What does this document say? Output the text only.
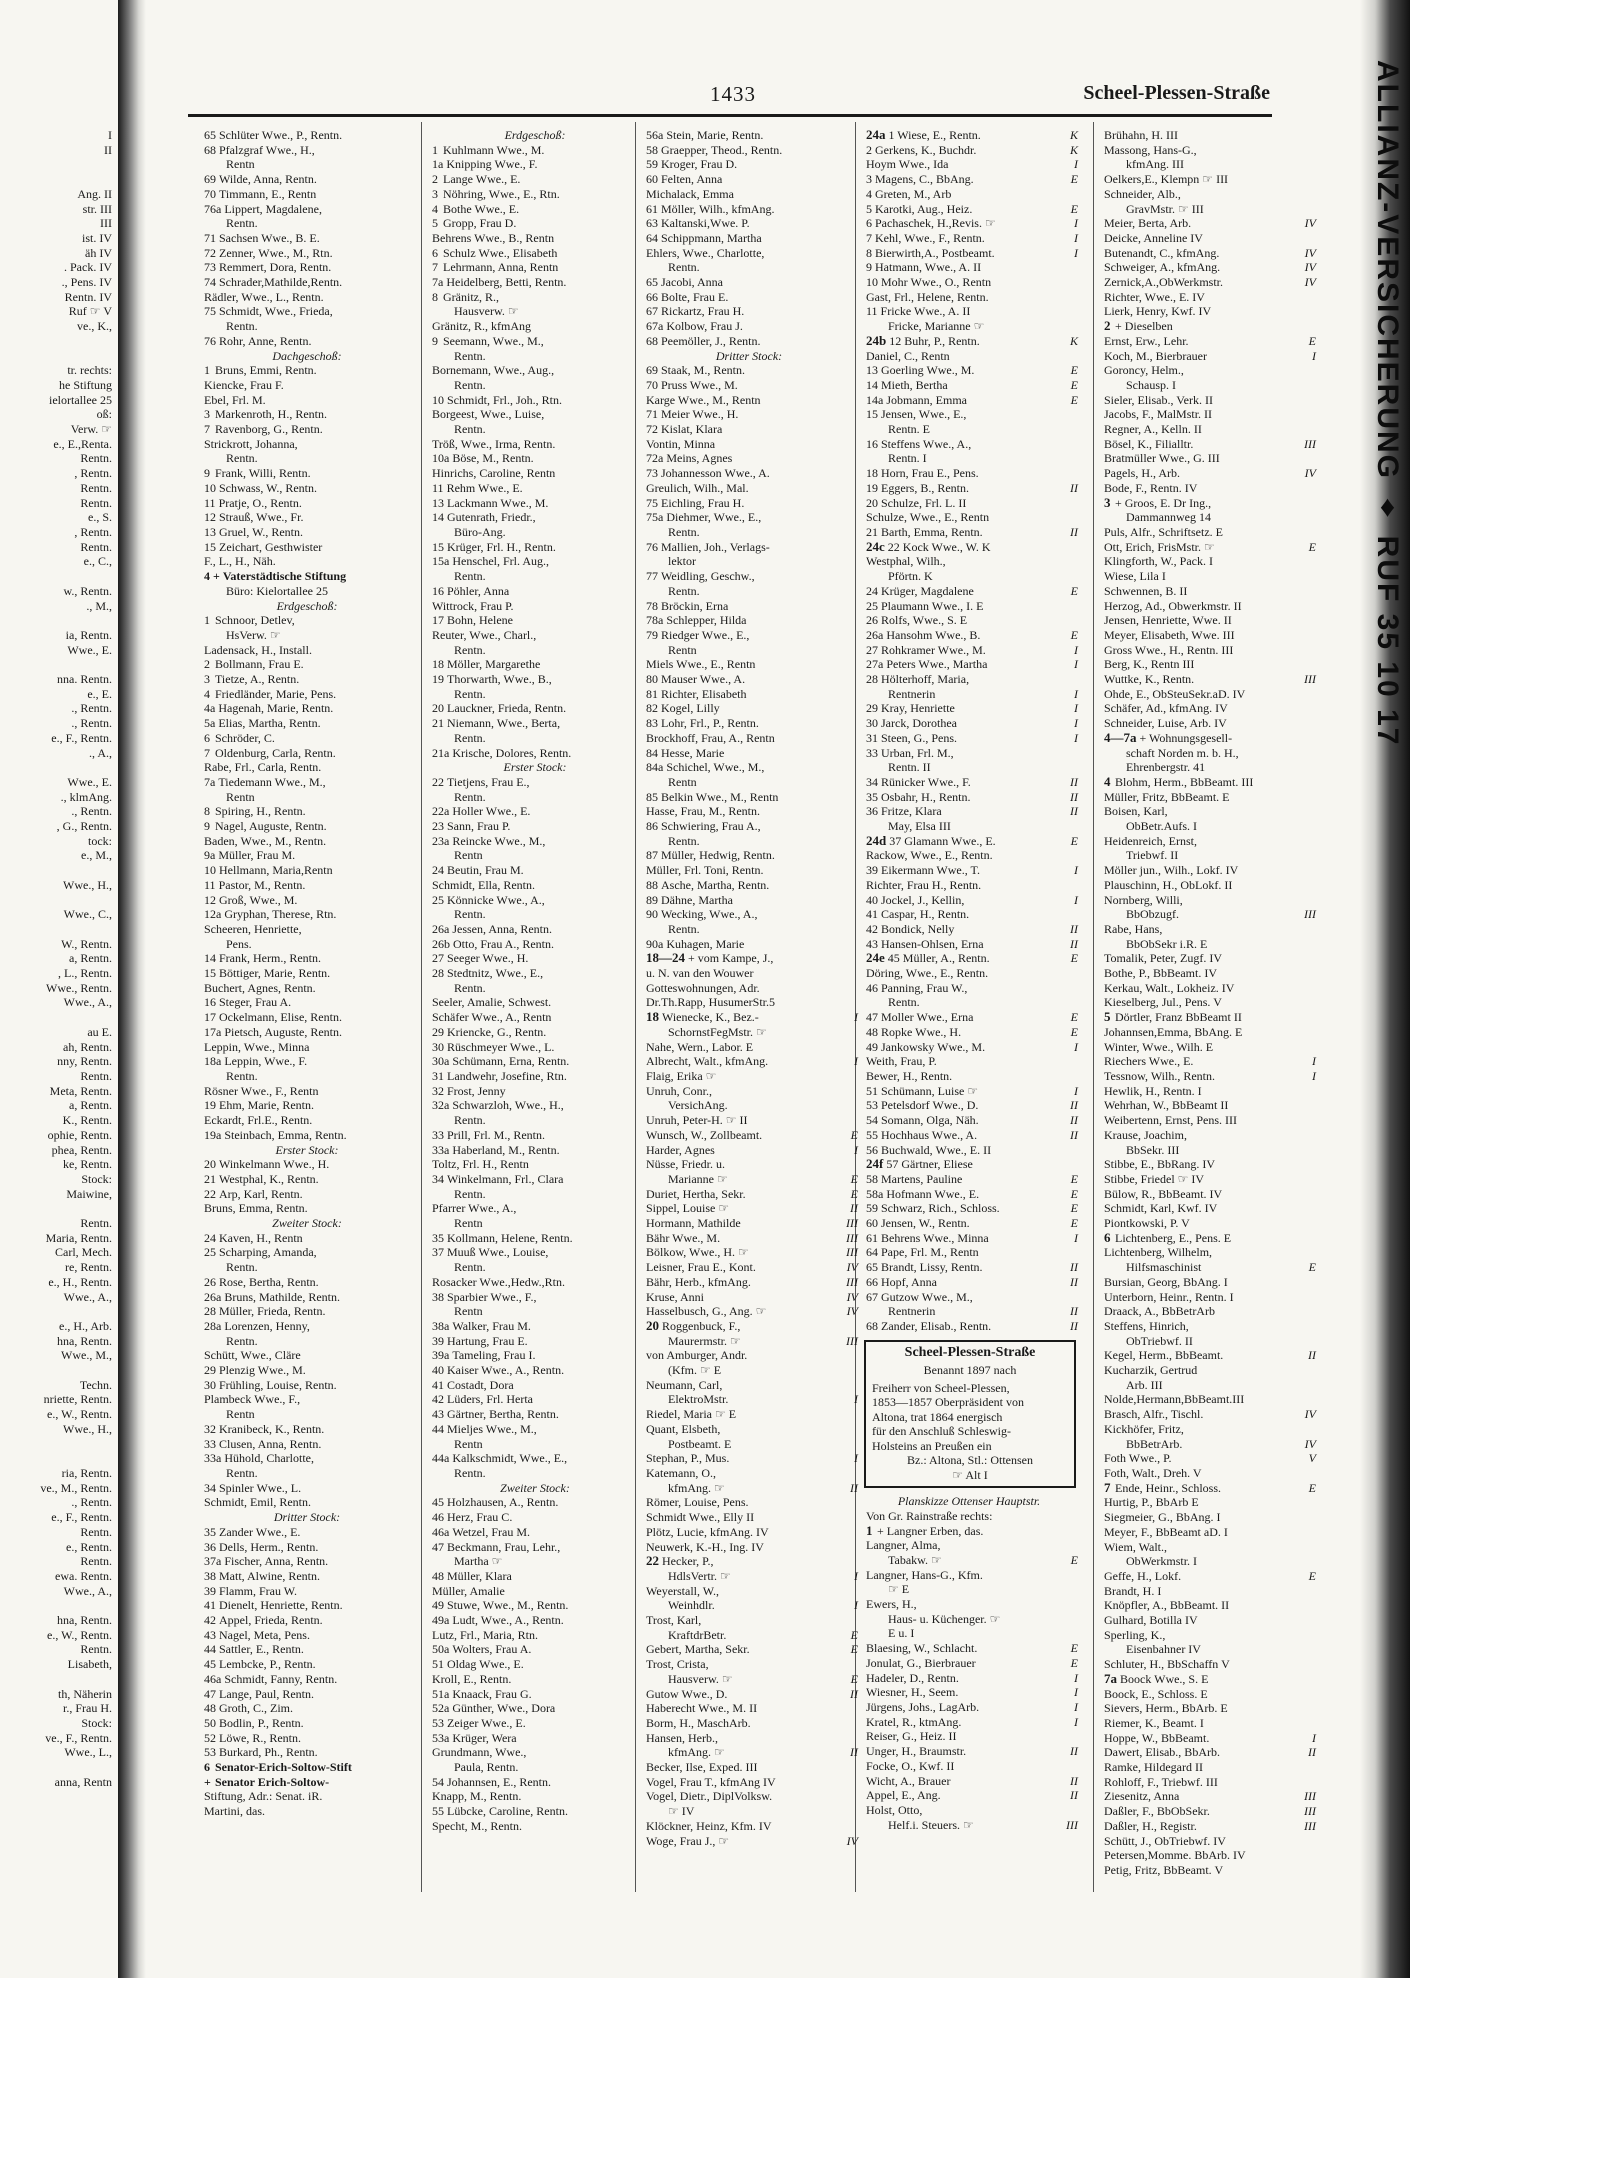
I
II

Ang. II
str. III
III
ist. IV
äh IV
. Pack. IV
., Pens. IV
Rentn. IV
Ruf ☞ V
ve., K.,

tr. rechts:
he Stiftung
ielortallee 25
oß:
Verw. ☞
e., E.,Renta.
Rentn.
, Rentn.
Rentn.
Rentn.
e., S.
, Rentn.
Rentn.
e., C.,

w., Rentn.
., M.,

ia, Rentn.
Wwe., E.

nna. Rentn.
e., E.
., Rentn.
., Rentn.
e., F., Rentn.
., A.,

Wwe., E.
., klmAng.
., Rentn.
, G., Rentn.
tock:
e., M.,

Wwe., H.,

Wwe., C.,

W., Rentn.
a, Rentn.
, L., Rentn.
Wwe., Rentn.
Wwe., A.,

au E.
ah, Rentn.
nny, Rentn.
Rentn.
Meta, Rentn.
a, Rentn.
K., Rentn.
ophie, Rentn.
phea, Rentn.
ke, Rentn.
Stock:
Maiwine,

Rentn.
Maria, Rentn.
Carl, Mech.
re, Rentn.
e., H., Rentn.
Wwe., A.,

e., H., Arb.
hna, Rentn.
Wwe., M.,

Techn.
nriette, Rentn.
e., W., Rentn.
Wwe., H.,

ria, Rentn.
ve., M., Rentn.
., Rentn.
e., F., Rentn.
Rentn.
e., Rentn.
Rentn.
ewa. Rentn.
Wwe., A.,

hna, Rentn.
e., W., Rentn.
Rentn.
Lisabeth,

th, Näherin
r., Frau H.
Stock:
ve., F., Rentn.
Wwe., L.,

anna, Rentn
1433	Scheel-Plessen-Straße
65 Schlüter Wwe., P., Rentn.
68 Pfalzgraf Wwe., H.,
Rentn
69 Wilde, Anna, Rentn.
70 Timmann, E., Rentn
76a Lippert, Magdalene,
Rentn.
71 Sachsen Wwe., B. E.
72 Zenner, Wwe., M., Rtn.
73 Remmert, Dora, Rentn.
74 Schrader,Mathilde,Rentn.
Rädler, Wwe., L., Rentn.
75 Schmidt, Wwe., Frieda,
Rentn.
76 Rohr, Anne, Rentn.
Dachgeschoß:
1 Bruns, Emmi, Rentn.
Kiencke, Frau F.
Ebel, Frl. M.
3 Markenroth, H., Rentn.
7 Ravenborg, G., Rentn.
Strickrott, Johanna,
Rentn.
9 Frank, Willi, Rentn.
10 Schwass, W., Rentn.
11 Pratje, O., Rentn.
12 Strauß, Wwe., Fr.
13 Gruel, W., Rentn.
15 Zeichart, Gesthwister
F., L., H., Näh.
4 + Vaterstädtische Stiftung
Büro: Kielortallee 25
Erdgeschoß:
1 Schnoor, Detlev,
HsVerw. ☞
Ladensack, H., Install.
2 Bollmann, Frau E.
3 Tietze, A., Rentn.
4 Friedländer, Marie, Pens.
4a Hagenah, Marie, Rentn.
5a Elias, Martha, Rentn.
6 Schröder, C.
7 Oldenburg, Carla, Rentn.
Rabe, Frl., Carla, Rentn.
7a Tiedemann Wwe., M.,
Rentn
8 Spiring, H., Rentn.
9 Nagel, Auguste, Rentn.
Baden, Wwe., M., Rentn.
9a Müller, Frau M.
10 Hellmann, Maria,Rentn
11 Pastor, M., Rentn.
12 Groß, Wwe., M.
12a Gryphan, Therese, Rtn.
Scheeren, Henriette,
Pens.
14 Frank, Herm., Rentn.
15 Böttiger, Marie, Rentn.
Buchert, Agnes, Rentn.
16 Steger, Frau A.
17 Ockelmann, Elise, Rentn.
17a Pietsch, Auguste, Rentn.
Leppin, Wwe., Minna
18a Leppin, Wwe., F.
Rentn.
Rösner Wwe., F., Rentn
19 Ehm, Marie, Rentn.
Eckardt, Frl.E., Rentn.
19a Steinbach, Emma, Rentn.
Erster Stock:
20 Winkelmann Wwe., H.
21 Westphal, K., Rentn.
22 Arp, Karl, Rentn.
Bruns, Emma, Rentn.
Zweiter Stock:
24 Kaven, H., Rentn
25 Scharping, Amanda,
Rentn.
26 Rose, Bertha, Rentn.
26a Bruns, Mathilde, Rentn.
28 Müller, Frieda, Rentn.
28a Lorenzen, Henny,
Rentn.
Schütt, Wwe., Cläre
29 Plenzig Wwe., M.
30 Frühling, Louise, Rentn.
Plambeck Wwe., F.,
Rentn
32 Kranibeck, K., Rentn.
33 Clusen, Anna, Rentn.
33a Hühold, Charlotte,
Rentn.
34 Spinler Wwe., L.
Schmidt, Emil, Rentn.
Dritter Stock:
35 Zander Wwe., E.
36 Dells, Herm., Rentn.
37a Fischer, Anna, Rentn.
38 Matt, Alwine, Rentn.
39 Flamm, Frau W.
41 Dienelt, Henriette, Rentn.
42 Appel, Frieda, Rentn.
43 Nagel, Meta, Pens.
44 Sattler, E., Rentn.
45 Lembcke, P., Rentn.
46a Schmidt, Fanny, Rentn.
47 Lange, Paul, Rentn.
48 Groth, C., Zim.
50 Bodlin, P., Rentn.
52 Löwe, R., Rentn.
53 Burkard, Ph., Rentn.
6 Senator-Erich-Soltow-Stift
+ Senator Erich-Soltow-
Stiftung, Adr.: Senat. iR.
Martini, das.
Erdgeschoß:
1 Kuhlmann Wwe., M.
1a Knipping Wwe., F.
2 Lange Wwe., E.
3 Nöhring, Wwe., E., Rtn.
4 Bothe Wwe., E.
5 Gropp, Frau D.
Behrens Wwe., B., Rentn
6 Schulz Wwe., Elisabeth
7 Lehrmann, Anna, Rentn
7a Heidelberg, Betti, Rentn.
8 Gränitz, R.,
Hausverw. ☞
Gränitz, R., kfmAng
9 Seemann, Wwe., M.,
Rentn.
Bornemann, Wwe., Aug.,
Rentn.
10 Schmidt, Frl., Joh., Rtn.
Borgeest, Wwe., Luise,
Rentn.
Tröß, Wwe., Irma, Rentn.
10a Böse, M., Rentn.
Hinrichs, Caroline, Rentn
11 Rehm Wwe., E.
13 Lackmann Wwe., M.
14 Gutenrath, Friedr.,
Büro-Ang.
15 Krüger, Frl. H., Rentn.
15a Henschel, Frl. Aug.,
Rentn.
16 Pöhler, Anna
Wittrock, Frau P.
17 Bohn, Helene
Reuter, Wwe., Charl.,
Rentn.
18 Möller, Margarethe
19 Thorwarth, Wwe., B.,
Rentn.
20 Lauckner, Frieda, Rentn.
21 Niemann, Wwe., Berta,
Rentn.
21a Krische, Dolores, Rentn.
Erster Stock:
22 Tietjens, Frau E.,
Rentn.
22a Holler Wwe., E.
23 Sann, Frau P.
23a Reincke Wwe., M.,
Rentn
24 Beutin, Frau M.
Schmidt, Ella, Rentn.
25 Könnicke Wwe., A.,
Rentn.
26a Jessen, Anna, Rentn.
26b Otto, Frau A., Rentn.
27 Seeger Wwe., H.
28 Stedtnitz, Wwe., E.,
Rentn.
Seeler, Amalie, Schwest.
Schäfer Wwe., A., Rentn
29 Kriencke, G., Rentn.
30 Rüschmeyer Wwe., L.
30a Schümann, Erna, Rentn.
31 Landwehr, Josefine, Rtn.
32 Frost, Jenny
32a Schwarzloh, Wwe., H.,
Rentn.
33 Prill, Frl. M., Rentn.
33a Haberland, M., Rentn.
Toltz, Frl. H., Rentn
34 Winkelmann, Frl., Clara
Rentn.
Pfarrer Wwe., A.,
Rentn
35 Kollmann, Helene, Rentn.
37 Muuß Wwe., Louise,
Rentn.
Rosacker Wwe.,Hedw.,Rtn.
38 Sparbier Wwe., F.,
Rentn
38a Walker, Frau M.
39 Hartung, Frau E.
39a Tameling, Frau I.
40 Kaiser Wwe., A., Rentn.
41 Costadt, Dora
42 Lüders, Frl. Herta
43 Gärtner, Bertha, Rentn.
44 Mieljes Wwe., M.,
Rentn
44a Kalkschmidt, Wwe., E.,
Rentn.
Zweiter Stock:
45 Holzhausen, A., Rentn.
46 Herz, Frau C.
46a Wetzel, Frau M.
47 Beckmann, Frau, Lehr.,
Martha ☞
48 Müller, Klara
Müller, Amalie
49 Stuwe, Wwe., M., Rentn.
49a Ludt, Wwe., A., Rentn.
Lutz, Frl., Maria, Rtn.
50a Wolters, Frau A.
51 Oldag Wwe., E.
Kroll, E., Rentn.
51a Knaack, Frau G.
52a Günther, Wwe., Dora
53 Zeiger Wwe., E.
53a Krüger, Wera
Grundmann, Wwe.,
Paula, Rentn.
54 Johannsen, E., Rentn.
Knapp, M., Rentn.
55 Lübcke, Caroline, Rentn.
Specht, M., Rentn.
56a Stein, Marie, Rentn.
58 Graepper, Theod., Rentn.
59 Kroger, Frau D.
60 Felten, Anna
Michalack, Emma
61 Möller, Wilh., kfmAng.
63 Kaltanski,Wwe. P.
64 Schippmann, Martha
Ehlers, Wwe., Charlotte,
Rentn.
65 Jacobi, Anna
66 Bolte, Frau E.
67 Rickartz, Frau H.
67a Kolbow, Frau J.
68 Peemöller, J., Rentn.
Dritter Stock:
69 Staak, M., Rentn.
70 Pruss Wwe., M.
Karge Wwe., M., Rentn
71 Meier Wwe., H.
72 Kislat, Klara
Vontin, Minna
72a Meins, Agnes
73 Johannesson Wwe., A.
Greulich, Wilh., Mal.
75 Eichling, Frau H.
75a Diehmer, Wwe., E.,
Rentn.
76 Mallien, Joh., Verlags-
lektor
77 Weidling, Geschw.,
Rentn.
78 Bröckin, Erna
78a Schlepper, Hilda
79 Riedger Wwe., E.,
Rentn
Miels Wwe., E., Rentn
80 Mauser Wwe., A.
81 Richter, Elisabeth
82 Kogel, Lilly
83 Lohr, Frl., P., Rentn.
Brockhoff, Frau, A., Rentn
84 Hesse, Marie
84a Schichel, Wwe., M.,
Rentn
85 Belkin Wwe., M., Rentn
Hasse, Frau, M., Rentn.
86 Schwiering, Frau A.,
Rentn.
87 Müller, Hedwig, Rentn.
Müller, Frl. Toni, Rentn.
88 Asche, Martha, Rentn.
89 Dähne, Martha
90 Wecking, Wwe., A.,
Rentn.
90a Kuhagen, Marie
18—24 + vom Kampe, J.,
u. N. van den Wouwer
Gotteswohnungen, Adr.
Dr.Th.Rapp, HusumerStr.5
18 Wienecke, K., Bez.-	I
SchornstFegMstr. ☞
Nahe, Wern., Labor. E
Albrecht, Walt., kfmAng.	I
Flaig, Erika ☞
Unruh, Conr.,
VersichAng.
Unruh, Peter-H. ☞ II
Wunsch, W., Zollbeamt.	E
Harder, Agnes	I
Nüsse, Friedr. u.
Marianne ☞	E
Duriet, Hertha, Sekr.	E
Sippel, Louise ☞	II
Hormann, Mathilde	III
Bähr Wwe., M.	III
Bölkow, Wwe., H. ☞	III
Leisner, Frau E., Kont.	IV
Bähr, Herb., kfmAng.	III
Kruse, Anni	IV
Hasselbusch, G., Ang. ☞	IV
20 Roggenbuck, F.,
Maurermstr. ☞	III
von Amburger, Andr.
(Kfm. ☞ E
Neumann, Carl,
ElektroMstr.	I
Riedel, Maria ☞ E
Quant, Elsbeth,
Postbeamt. E
Stephan, P., Mus.	I
Katemann, O.,
kfmAng. ☞	II
Römer, Louise, Pens.
Schmidt Wwe., Elly II
Plötz, Lucie, kfmAng. IV
Neuwerk, K.-H., Ing. IV
22 Hecker, P.,
HdlsVertr. ☞	I
Weyerstall, W.,
Weinhdlr.	I
Trost, Karl,
KraftdrBetr.	E
Gebert, Martha, Sekr.	E
Trost, Crista,
Hausverw. ☞	E
Gutow Wwe., D.	II
Haberecht Wwe., M. II
Borm, H., MaschArb.
Hansen, Herb.,
kfmAng. ☞	II
Becker, Ilse, Exped. III
Vogel, Frau T., kfmAng IV
Vogel, Dietr., DiplVolksw.
☞ IV
Klöckner, Heinz, Kfm. IV
Woge, Frau J., ☞	IV
24a 1 Wiese, E., Rentn.	K
2 Gerkens, K., Buchdr.	K
Hoym Wwe., Ida	I
3 Magens, C., BbAng.	E
4 Greten, M., Arb
5 Karotki, Aug., Heiz.	E
6 Pachaschek, H.,Revis. ☞	I
7 Kehl, Wwe., F., Rentn.	I
8 Bierwirth,A., Postbeamt.	I
9 Hatmann, Wwe., A. II
10 Mohr Wwe., O., Rentn
Gast, Frl., Helene, Rentn.
11 Fricke Wwe., A. II
Fricke, Marianne ☞
24b 12 Buhr, P., Rentn.	K
Daniel, C., Rentn
13 Goerling Wwe., M.	E
14 Mieth, Bertha	E
14a Jobmann, Emma	E
15 Jensen, Wwe., E.,
Rentn. E
16 Steffens Wwe., A.,
Rentn. I
18 Horn, Frau E., Pens.
19 Eggers, B., Rentn.	II
20 Schulze, Frl. L. II
Schulze, Wwe., E., Rentn
21 Barth, Emma, Rentn.	II
24c 22 Kock Wwe., W. K
Westphal, Wilh.,
Pförtn. K
24 Krüger, Magdalene	E
25 Plaumann Wwe., I. E
26 Rolfs, Wwe., S. E
26a Hansohm Wwe., B.	E
27 Rohkramer Wwe., M.	I
27a Peters Wwe., Martha	I
28 Hölterhoff, Maria,
Rentnerin	I
29 Kray, Henriette	I
30 Jarck, Dorothea	I
31 Steen, G., Pens.	I
33 Urban, Frl. M.,
Rentn. II
34 Rünicker Wwe., F.	II
35 Osbahr, H., Rentn.	II
36 Fritze, Klara	II
May, Elsa III
24d 37 Glamann Wwe., E.	E
Rackow, Wwe., E., Rentn.
39 Eikermann Wwe., T.	I
Richter, Frau H., Rentn.
40 Jockel, J., Kellin,	I
41 Caspar, H., Rentn.
42 Bondick, Nelly	II
43 Hansen-Ohlsen, Erna	II
24e 45 Müller, A., Rentn.	E
Döring, Wwe., E., Rentn.
46 Panning, Frau W.,
Rentn.
47 Moller Wwe., Erna	E
48 Ropke Wwe., H.	E
49 Jankowsky Wwe., M.	I
Weith, Frau, P.
Bewer, H., Rentn.
51 Schümann, Luise ☞	I
53 Petelsdorf Wwe., D.	II
54 Somann, Olga, Näh.	II
55 Hochhaus Wwe., A.	II
56 Buchwald, Wwe., E. II
24f 57 Gärtner, Eliese
58 Martens, Pauline	E
58a Hofmann Wwe., E.	E
59 Schwarz, Rich., Schloss.	E
60 Jensen, W., Rentn.	E
61 Behrens Wwe., Minna	I
64 Pape, Frl. M., Rentn
65 Brandt, Lissy, Rentn.	II
66 Hopf, Anna	II
67 Gutzow Wwe., M.,
Rentnerin	II
68 Zander, Elisab., Rentn.	II
Scheel-Plessen-Straße
Benannt 1897 nach
Freiherr von Scheel-Plessen,
1853—1857 Oberpräsident von
Altona, trat 1864 energisch
für den Anschluß Schleswig-
Holsteins an Preußen ein
Bz.: Altona, Stl.: Ottensen
☞ Alt I
Planskizze Ottenser Hauptstr.
Von Gr. Rainstraße rechts:
1 + Langner Erben, das.
Langner, Alma,
Tabakw. ☞	E
Langner, Hans-G., Kfm.
☞ E
Ewers, H.,
Haus- u. Küchenger. ☞
E u. I
Blaesing, W., Schlacht.	E
Jonulat, G., Bierbrauer	E
Hadeler, D., Rentn.	I
Wiesner, H., Seem.	I
Jürgens, Johs., LagArb.	I
Kratel, R., ktmAng.	I
Reiser, G., Heiz. II
Unger, H., Braumstr.	II
Focke, O., Kwf. II
Wicht, A., Brauer	II
Appel, E., Ang.	II
Holst, Otto,
Helf.i. Steuers. ☞	III
Brühahn, H. III
Massong, Hans-G.,
kfmAng. III
Oelkers,E., Klempn ☞ III
Schneider, Alb.,
GravMstr. ☞ III
Meier, Berta, Arb.	IV
Deicke, Anneline IV
Butenandt, C., kfmAng.	IV
Schweiger, A., kfmAng.	IV
Zernick,A.,ObWerkmstr.	IV
Richter, Wwe., E. IV
Lierk, Henry, Kwf. IV
2 + Dieselben
Ernst, Erw., Lehr.	E
Koch, M., Bierbrauer	I
Goroncy, Helm.,
Schausp. I
Sieler, Elisab., Verk. II
Jacobs, F., MalMstr. II
Regner, A., Kelln. II
Bösel, K., Filialltr.	III
Bratmüller Wwe., G. III
Pagels, H., Arb.	IV
Bode, F., Rentn. IV
3 + Groos, E. Dr Ing.,
Dammannweg 14
Puls, Alfr., Schriftsetz. E
Ott, Erich, FrisMstr. ☞	E
Klingforth, W., Pack. I
Wiese, Lila I
Schwennen, B. II
Herzog, Ad., Obwerkmstr. II
Jensen, Henriette, Wwe. II
Meyer, Elisabeth, Wwe. III
Gross Wwe., H., Rentn. III
Berg, K., Rentn III
Wuttke, K., Rentn.	III
Ohde, E., ObSteuSekr.aD. IV
Schäfer, Ad., kfmAng. IV
Schneider, Luise, Arb. IV
4—7a + Wohnungsgesell-
schaft Norden m. b. H.,
Ehrenbergstr. 41
4 Blohm, Herm., BbBeamt. III
Müller, Fritz, BbBeamt. E
Boisen, Karl,
ObBetr.Aufs. I
Heidenreich, Ernst,
Triebwf. II
Möller jun., Wilh., Lokf. IV
Plauschinn, H., ObLokf. II
Nornberg, Willi,
BbObzugf.	III
Rabe, Hans,
BbObSekr i.R. E
Tomalik, Peter, Zugf. IV
Bothe, P., BbBeamt. IV
Kerkau, Walt., Lokheiz. IV
Kieselberg, Jul., Pens. V
5 Dörtler, Franz BbBeamt II
Johannsen,Emma, BbAng. E
Winter, Wwe., Wilh. E
Riechers Wwe., E.	I
Tessnow, Wilh., Rentn.	I
Hewlik, H., Rentn. I
Wehrhan, W., BbBeamt II
Weibertenn, Ernst, Pens. III
Krause, Joachim,
BbSekr. III
Stibbe, E., BbRang. IV
Stibbe, Friedel ☞ IV
Bülow, R., BbBeamt. IV
Schmidt, Karl, Kwf. IV
Piontkowski, P. V
6 Lichtenberg, E., Pens. E
Lichtenberg, Wilhelm,
Hilfsmaschinist	E
Bursian, Georg, BbAng. I
Unterborn, Heinr., Rentn. I
Draack, A., BbBetrArb
Steffens, Hinrich,
ObTriebwf. II
Kegel, Herm., BbBeamt.	II
Kucharzik, Gertrud
Arb. III
Nolde,Hermann,BbBeamt.III
Brasch, Alfr., Tischl.	IV
Kickhöfer, Fritz,
BbBetrArb.	IV
Foth Wwe., P.	V
Foth, Walt., Dreh. V
7 Ende, Heinr., Schloss.	E
Hurtig, P., BbArb E
Siegmeier, G., BbAng. I
Meyer, F., BbBeamt aD. I
Wiem, Walt.,
ObWerkmstr. I
Geffe, H., Lokf.	E
Brandt, H. I
Knöpfler, A., BbBeamt. II
Gulhard, Botilla IV
Sperling, K.,
Eisenbahner IV
Schluter, H., BbSchaffn V
7a Boock Wwe., S. E
Boock, E., Schloss. E
Sievers, Herm., BbArb. E
Riemer, K., Beamt. I
Hoppe, W., BbBeamt.	I
Dawert, Elisab., BbArb.	II
Ramke, Hildegard II
Rohloff, F., Triebwf. III
Ziesenitz, Anna	III
Daßler, F., BbObSekr.	III
Daßler, H., Registr.	III
Schütt, J., ObTriebwf. IV
Petersen,Momme. BbArb. IV
Petig, Fritz, BbBeamt. V
ALLIANZ-VERSICHERUNG ♦ RUF 35 10 17
